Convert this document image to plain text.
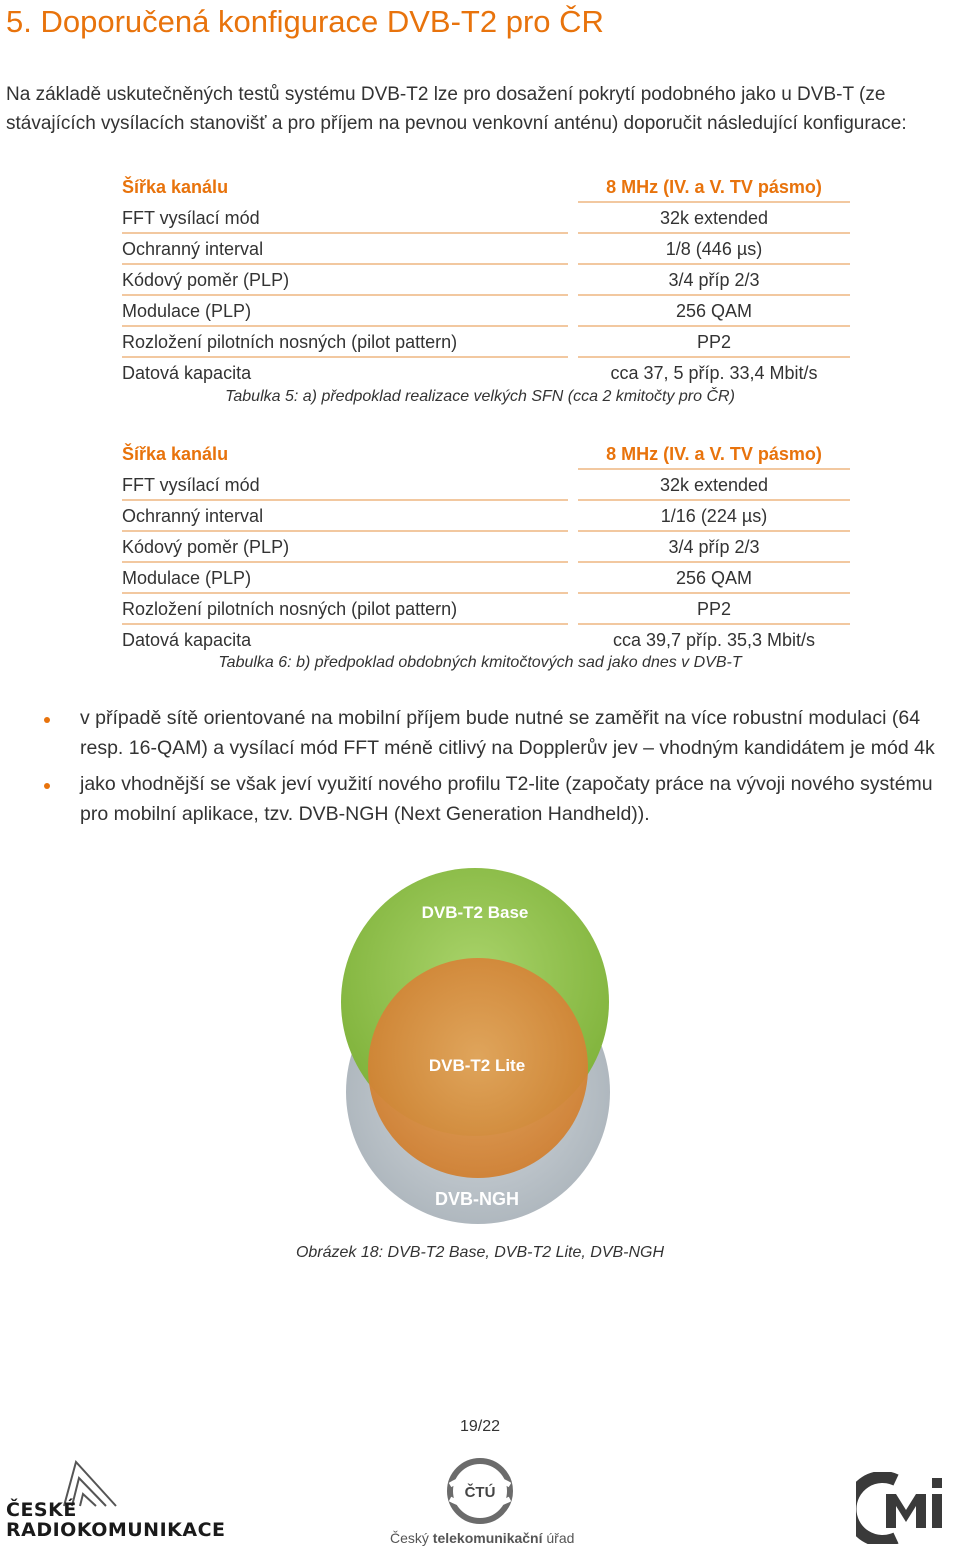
5. Doporučená konfigurace DVB-T2 pro ČR

Na základě uskutečněných testů systému DVB-T2 lze pro dosažení pokrytí podobného jako u DVB-T (ze stávajících vysílacích stanovišť a pro příjem na pevnou venkovní anténu) doporučit následující konfigurace:

Šířka kanálu	8 MHz (IV. a V. TV pásmo)
FFT vysílací mód	32k extended
Ochranný interval	1/8 (446 µs)
Kódový poměr (PLP)	3/4 příp 2/3
Modulace (PLP)	256 QAM
Rozložení pilotních nosných (pilot pattern)	PP2
Datová kapacita	cca 37, 5 příp. 33,4 Mbit/s
Tabulka 5: a) předpoklad realizace velkých SFN (cca 2 kmitočty pro ČR)
Šířka kanálu	8 MHz (IV. a V. TV pásmo)
FFT vysílací mód	32k extended
Ochranný interval	1/16 (224 µs)
Kódový poměr (PLP)	3/4 příp 2/3
Modulace (PLP)	256 QAM
Rozložení pilotních nosných (pilot pattern)	PP2
Datová kapacita	cca 39,7 příp. 35,3 Mbit/s
Tabulka 6: b) předpoklad obdobných kmitočtových sad jako dnes v DVB-T
v případě sítě orientované na mobilní příjem bude nutné se zaměřit na více robustní modulaci (64 resp. 16-QAM) a vysílací mód FFT méně citlivý na Dopplerův jev – vhodným kandidátem je mód 4k
jako vhodnější se však jeví využití nového profilu T2-lite (započaty práce na vývoji nového systému pro mobilní aplikace, tzv. DVB-NGH (Next Generation Handheld)).
DVB-T2 Base
DVB-T2 Lite
DVB-NGH
Obrázek 18: DVB-T2 Base, DVB-T2 Lite, DVB-NGH
19/22
ČESKÉ
RADIOKOMUNIKACE
ČTÚ
Český telekomunikační úřad
